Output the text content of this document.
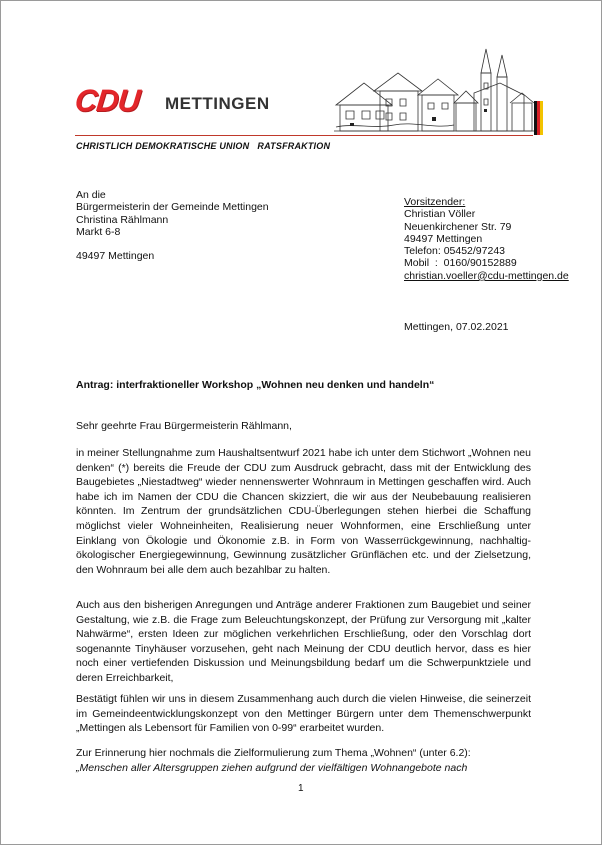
CDU METTINGEN
CHRISTLICH DEMOKRATISCHE UNION   RATSFRAKTION
An die
Bürgermeisterin der Gemeinde Mettingen
Christina Rählmann
Markt 6-8
49497 Mettingen
Vorsitzender:
Christian Völler
Neuenkirchener Str. 79
49497 Mettingen
Telefon: 05452/97243
Mobil  :  0160/90152889
christian.voeller@cdu-mettingen.de
Mettingen, 07.02.2021
Antrag: interfraktioneller Workshop „Wohnen neu denken und handeln“
Sehr geehrte Frau Bürgermeisterin Rählmann,

in meiner Stellungnahme zum Haushaltsentwurf 2021 habe ich unter dem Stichwort „Wohnen neu denken“ (*) bereits die Freude der CDU zum Ausdruck gebracht, dass mit der Entwicklung des Baugebietes „Niestadtweg“ wieder nennenswerter Wohnraum in Mettingen geschaffen wird. Auch habe ich im Namen der CDU die Chancen skizziert, die wir aus der Neubebauung realisieren könnten. Im Zentrum der grundsätzlichen CDU-Überlegungen stehen hierbei die Schaffung möglichst vieler Wohneinheiten, Realisierung neuer Wohnformen, eine Erschließung unter Einklang von Ökologie und Ökonomie z.B. in Form von Wasserrückgewinnung, nachhaltig-ökologischer Energiegewinnung, Gewinnung zusätzlicher Grünflächen etc. und der Zielsetzung, den Wohnraum bei alle dem auch bezahlbar zu halten.

Auch aus den bisherigen Anregungen und Anträge anderer Fraktionen zum Baugebiet und seiner Gestaltung, wie z.B. die Frage zum Beleuchtungskonzept, der Prüfung zur Versorgung mit „kalter Nahwärme“, ersten Ideen zur möglichen verkehrlichen Erschließung, oder den Vorschlag dort sogenannte Tinyhäuser vorzusehen, geht nach Meinung der CDU deutlich hervor, dass es hier noch einer vertiefenden Diskussion und Meinungsbildung bedarf um die Schwerpunktziele und deren Erreichbarkeit,

Bestätigt fühlen wir uns in diesem Zusammenhang auch durch die vielen Hinweise, die seinerzeit im Gemeindeentwicklungskonzept von den Mettinger Bürgern unter dem Themenschwerpunkt „Mettingen als Lebensort für Familien von 0-99“ erarbeitet wurden.

Zur Erinnerung hier nochmals die Zielformulierung zum Thema „Wohnen“ (unter 6.2):

„Menschen aller Altersgruppen ziehen aufgrund der vielfältigen Wohnangebote nach

1
